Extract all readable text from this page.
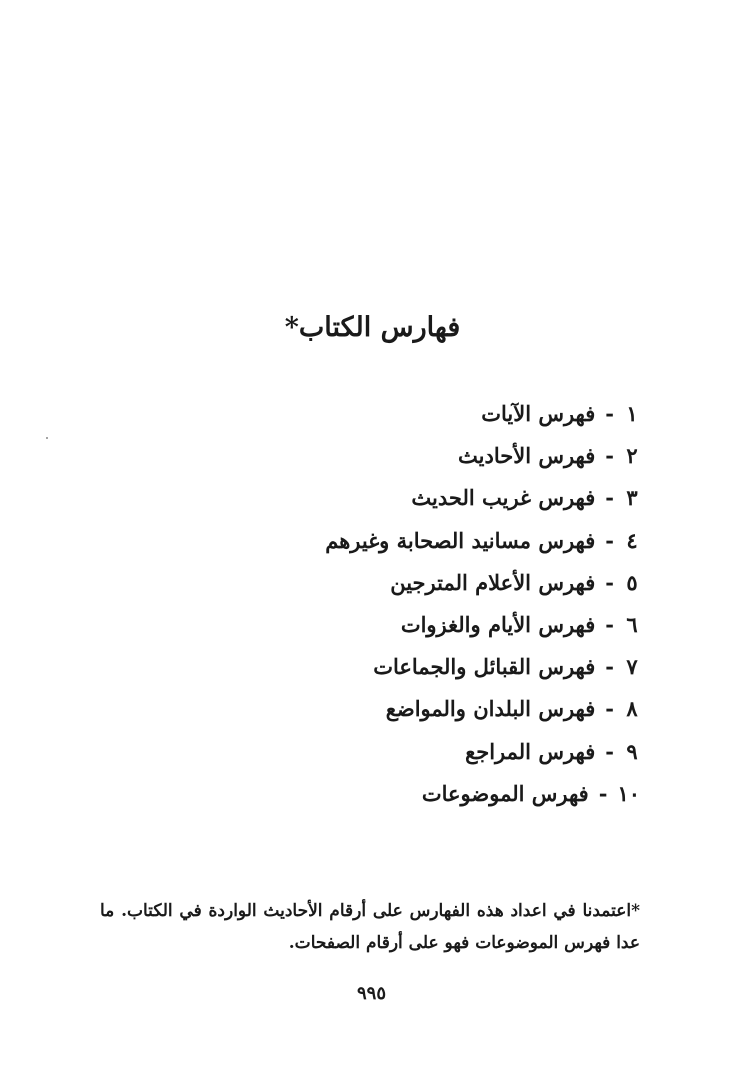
فهارس الكتاب*
١
-
فهرس الآيات
٢
-
فهرس الأحاديث
٣
-
فهرس غريب الحديث
٤
-
فهرس مسانيد الصحابة وغيرهم
٥
-
فهرس الأعلام المترجين
٦
-
فهرس الأيام والغزوات
٧
-
فهرس القبائل والجماعات
٨
-
فهرس البلدان والمواضع
٩
-
فهرس المراجع
١٠
-
فهرس الموضوعات
*اعتمدنا في اعداد هذه الفهارس على أرقام الأحاديث الواردة في الكتاب. ما عدا فهرس الموضوعات فهو على أرقام الصفحات.
٩٩٥
